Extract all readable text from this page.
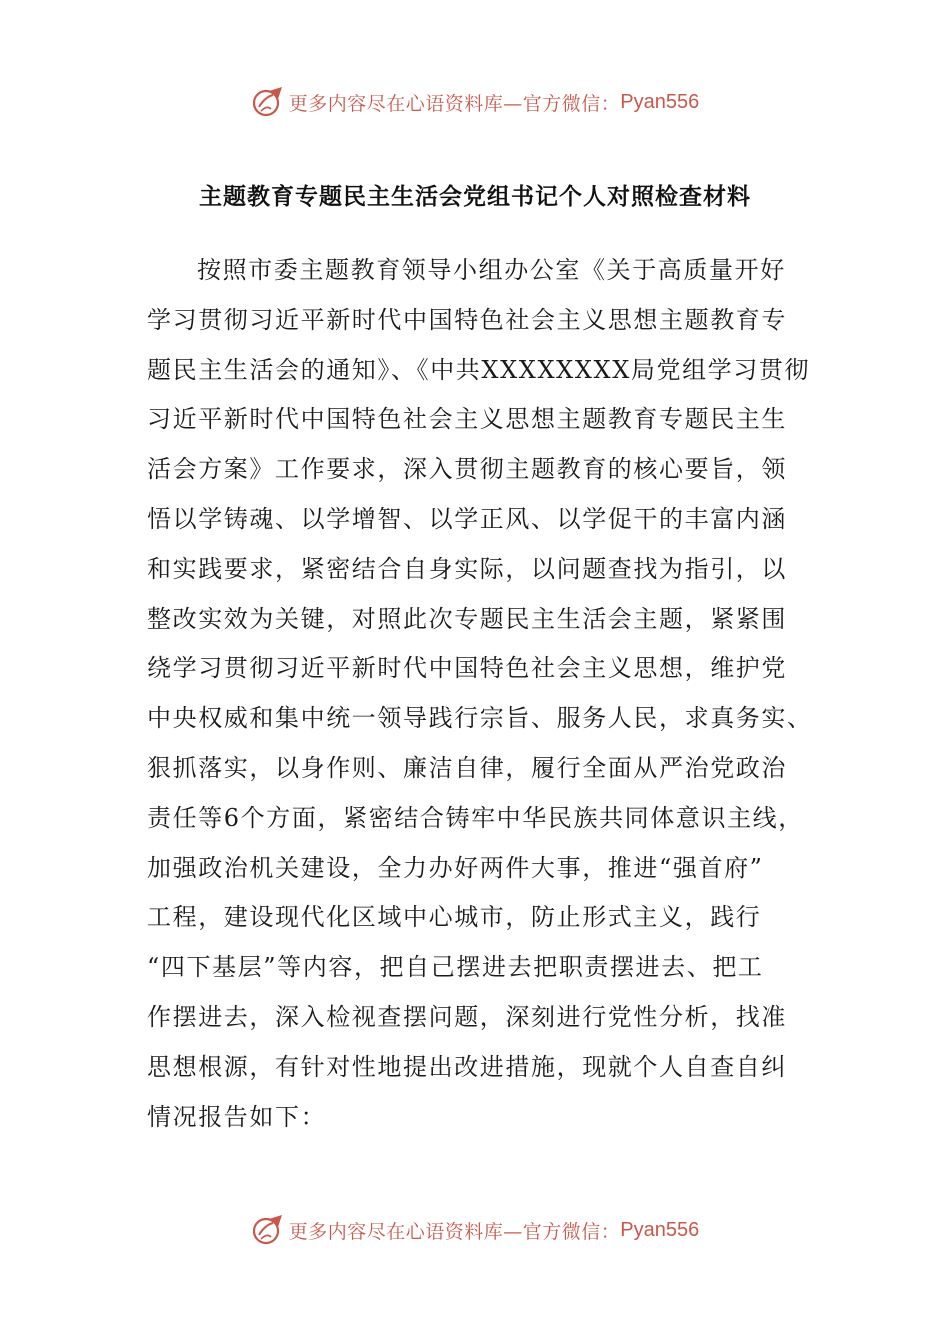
更多内容尽在心语资料库—官方微信： Pyan556
主题教育专题民主生活会党组书记个人对照检查材料
按照市委主题教育领导小组办公室《关于高质量开好
学习贯彻习近平新时代中国特色社会主义思想主题教育专
题民主生活会的通知》、《中共XXXXXXXX局党组学习贯彻
习近平新时代中国特色社会主义思想主题教育专题民主生
活会方案》工作要求，深入贯彻主题教育的核心要旨，领
悟以学铸魂、以学增智、以学正风、以学促干的丰富内涵
和实践要求，紧密结合自身实际，以问题查找为指引，以
整改实效为关键，对照此次专题民主生活会主题，紧紧围
绕学习贯彻习近平新时代中国特色社会主义思想，维护党
中央权威和集中统一领导践行宗旨、服务人民，求真务实、
狠抓落实，以身作则、廉洁自律，履行全面从严治党政治
责任等6个方面，紧密结合铸牢中华民族共同体意识主线，
加强政治机关建设，全力办好两件大事，推进“强首府”
工程，建设现代化区域中心城市，防止形式主义，践行
“四下基层”等内容，把自己摆进去把职责摆进去、把工
作摆进去，深入检视查摆问题，深刻进行党性分析，找准
思想根源，有针对性地提出改进措施，现就个人自查自纠
情况报告如下：
更多内容尽在心语资料库—官方微信： Pyan556
